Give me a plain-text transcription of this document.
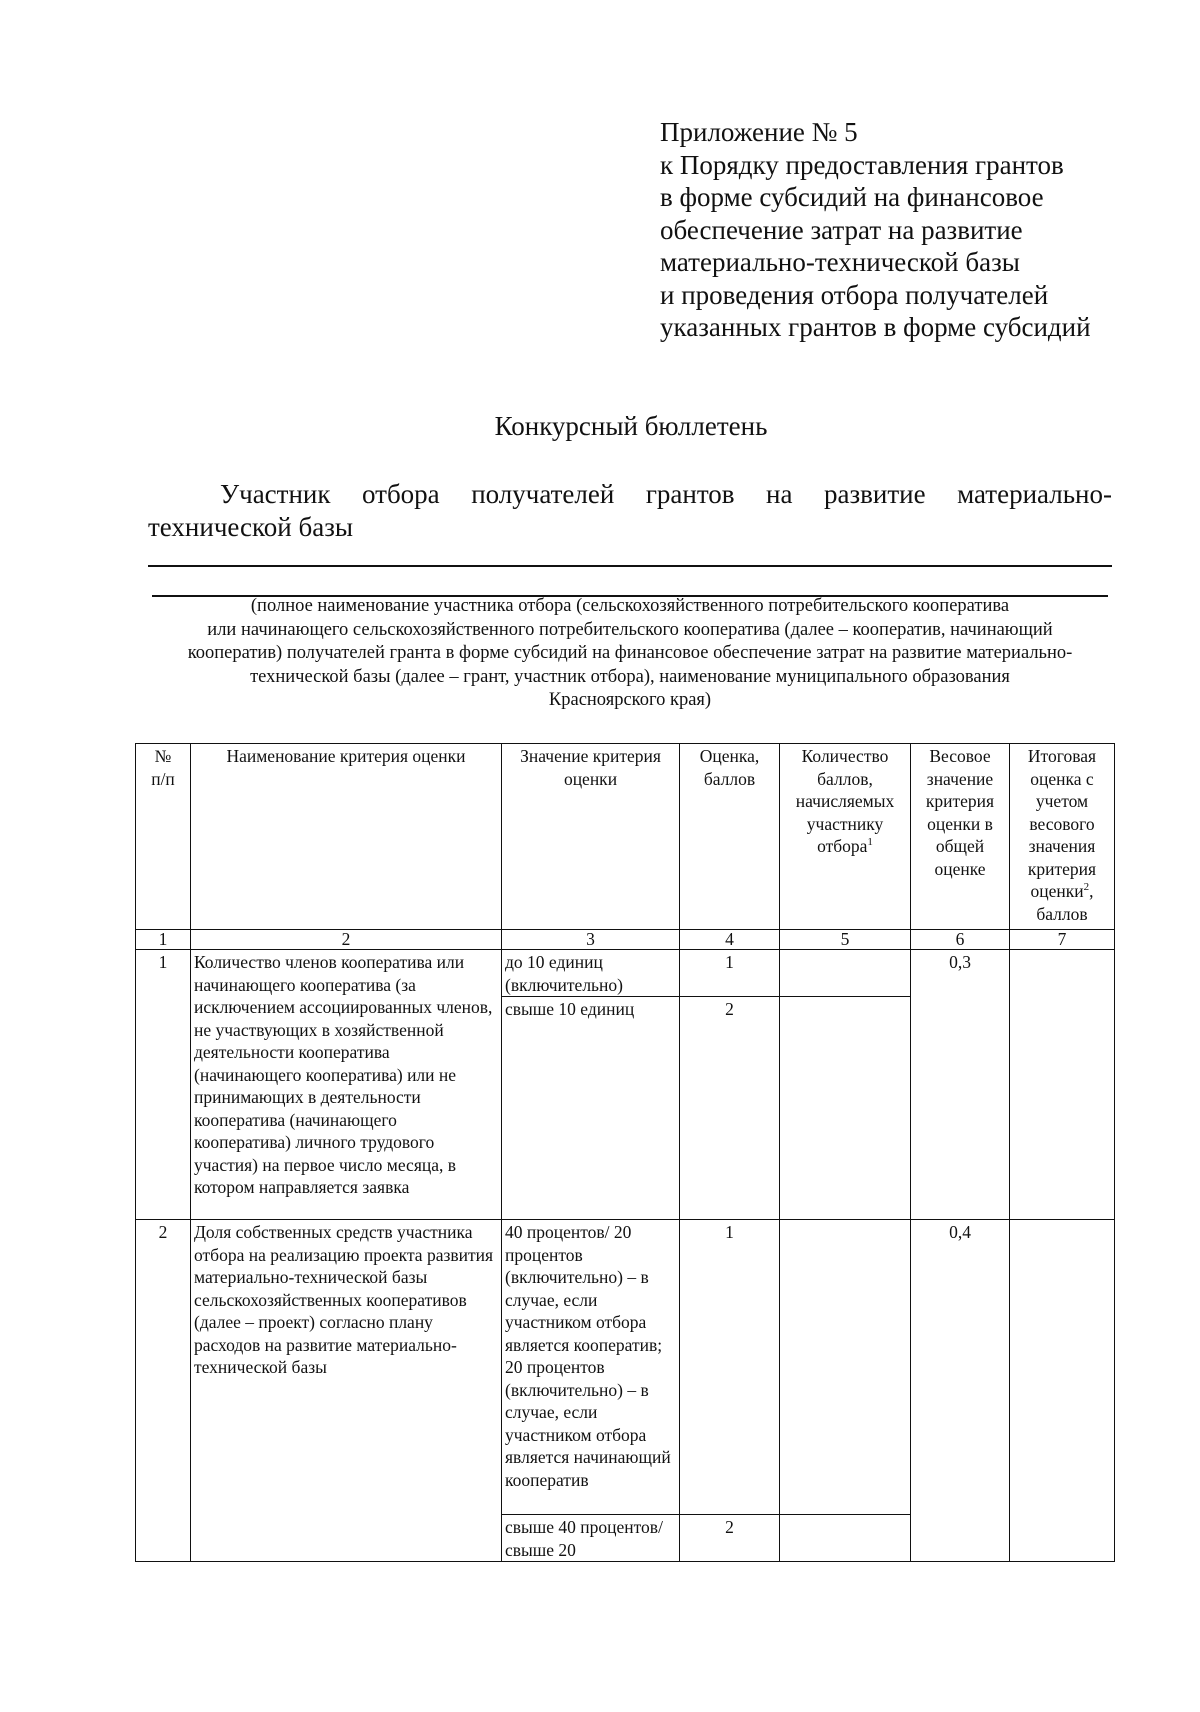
Приложение № 5
к Порядку предоставления грантов
в форме субсидий на финансовое
обеспечение затрат на развитие
материально-технической базы
и проведения отбора получателей
указанных грантов в форме субсидий
Конкурсный бюллетень
Участник отбора получателей грантов на развитие материально-
технической базы
(полное наименование участника отбора (сельскохозяйственного потребительского кооператива
или начинающего сельскохозяйственного потребительского кооператива (далее – кооператив, начинающий
кооператив) получателей гранта в форме субсидий на финансовое обеспечение затрат на развитие материально-
технической базы (далее – грант, участник отбора), наименование муниципального образования
Красноярского края)
№
п/п	Наименование критерия оценки	Значение критерия оценки	Оценка, баллов	Количество баллов, начисляемых участнику отбора$^1$	Весовое значение критерия оценки в общей оценке	Итоговая оценка с учетом весового значения критерия оценки$^2$, баллов
1	2	3	4	5	6	7
1	Количество членов кооператива или начинающего кооператива (за исключением ассоциированных членов, не участвующих в хозяйственной деятельности кооператива (начинающего кооператива) или не принимающих в деятельности кооператива (начинающего кооператива) личного трудового участия) на первое число месяца, в котором направляется заявка	до 10 единиц (включительно)	1		0,3	
		свыше 10 единиц	2			
2	Доля собственных средств участника отбора на реализацию проекта развития материально-технической базы сельскохозяйственных кооперативов (далее – проект) согласно плану расходов на развитие материально-технической базы	40 процентов/ 20 процентов (включительно) – в случае, если участником отбора является кооператив; 20 процентов (включительно) – в случае, если участником отбора является начинающий кооператив	1		0,4	
		свыше 40 процентов/свыше 20	2			
